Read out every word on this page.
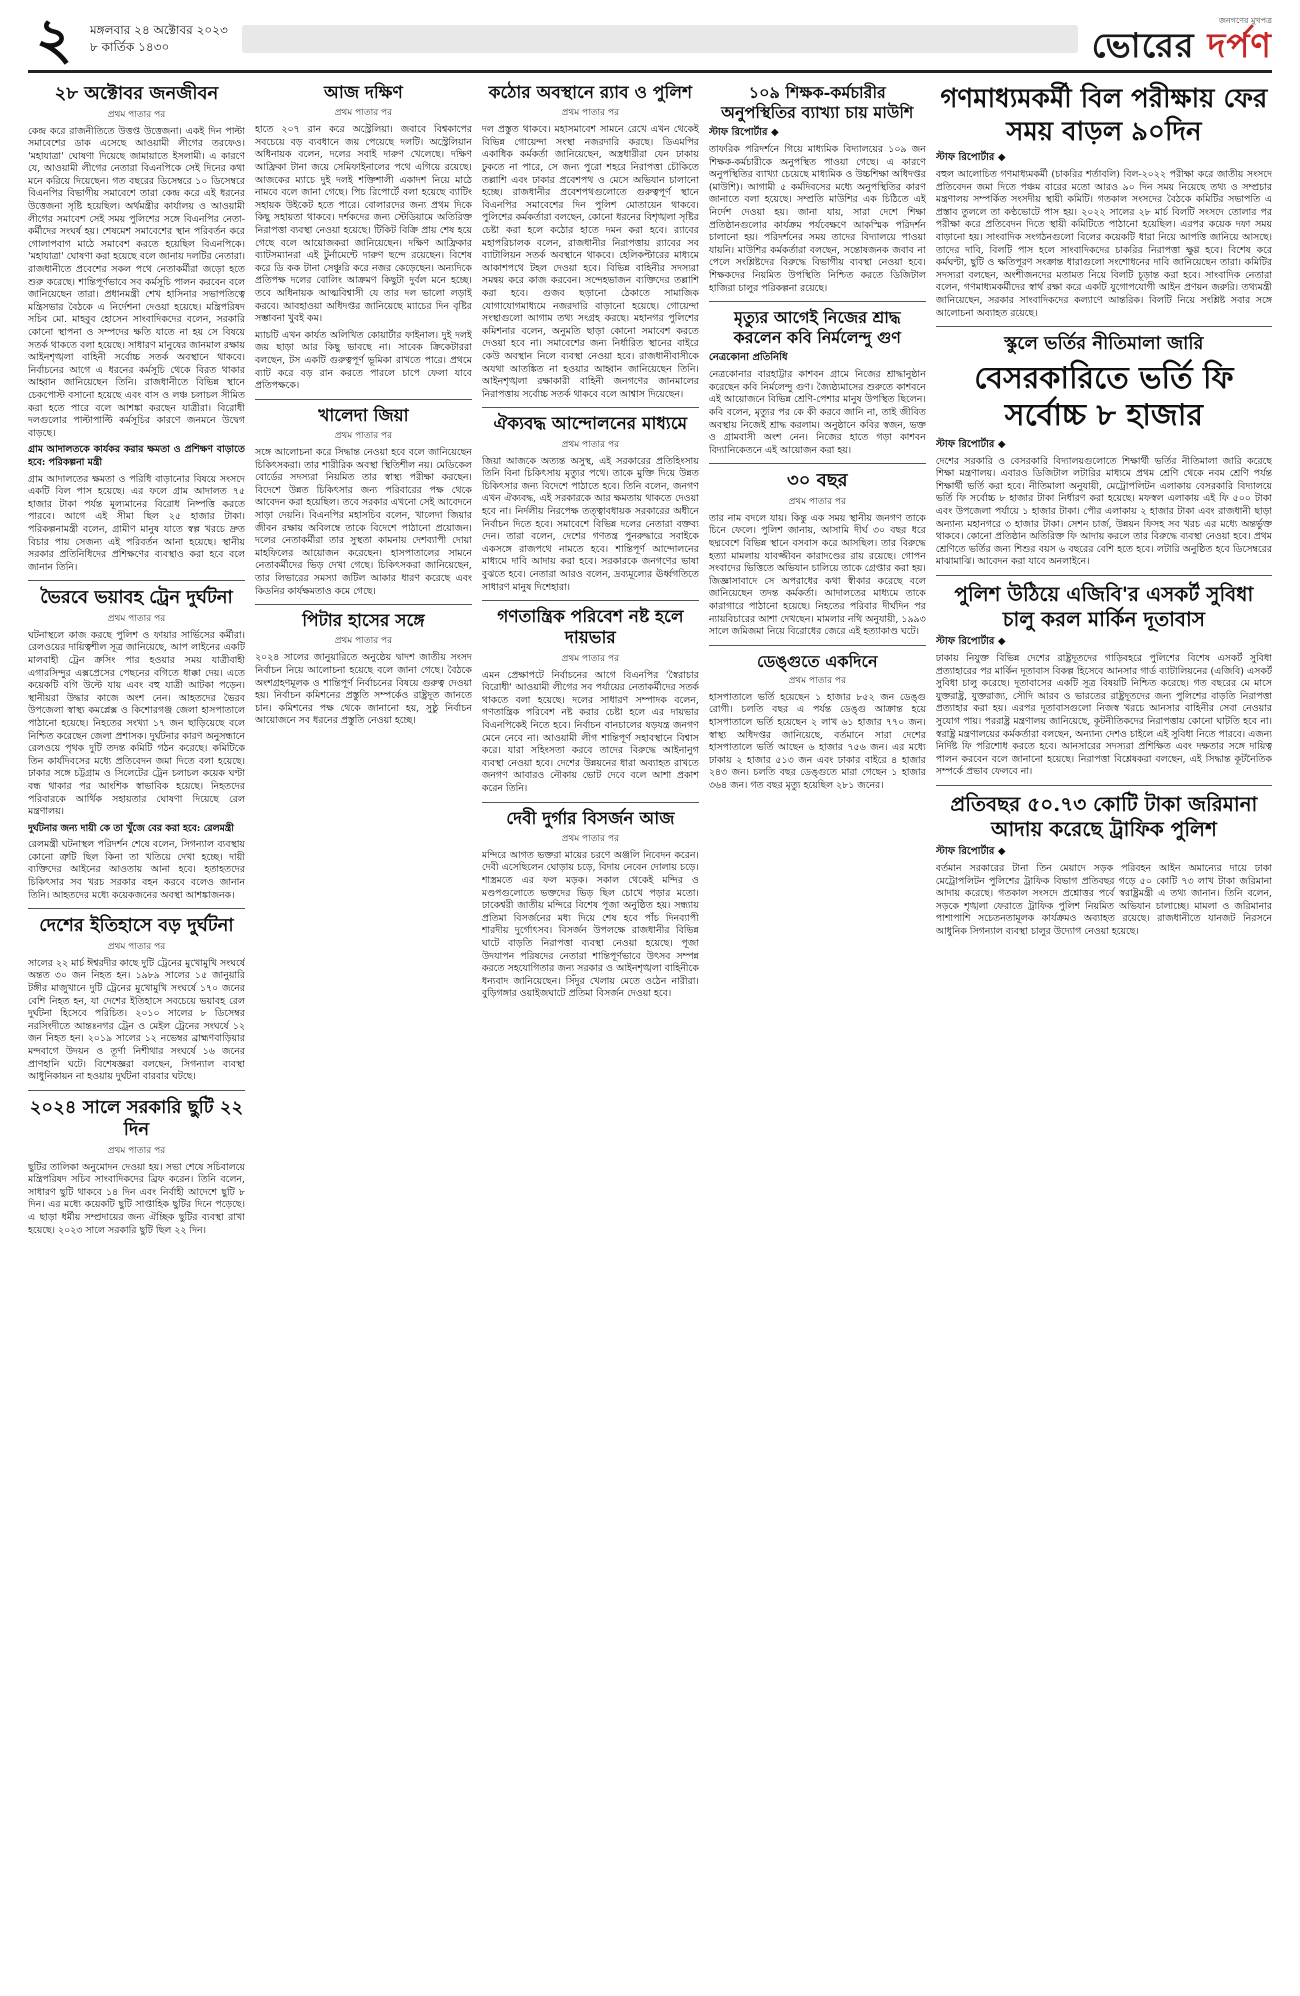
২	মঙ্গলবার ২৪ অক্টোবর ২০২৩
৮ কার্তিক ১৪৩০
জনগণের মুখপত্র
ভোরের দর্পণ
২৮ অক্টোবর জনজীবন
প্রথম পাতার পর

কেন্দ্র করে রাজনীতিতে উত্তপ্ত উত্তেজনা। একই দিন পাল্টা সমাবেশের ডাক এসেছে আওয়ামী লীগের তরফেও। 'মহাযাত্রা' ঘোষণা দিয়েছে জামায়াতে ইসলামী। এ কারণে যে, আওয়ামী লীগের নেতারা বিএনপিকে সেই দিনের কথা মনে করিয়ে দিয়েছেন। গত বছরের ডিসেম্বরে ১০ ডিসেম্বরে বিএনপির বিভাগীয় সমাবেশে তারা কেন্দ্র করে এই ধরনের উত্তেজনা সৃষ্টি হয়েছিল। অর্থমন্ত্রীর কার্যালয় ও আওয়ামী লীগের সমাবেশ সেই সময় পুলিশের সঙ্গে বিএনপির নেতা-কর্মীদের সংঘর্ষ হয়। শেষমেশ সমাবেশের স্থান পরিবর্তন করে গোলাপবাগ মাঠে সমাবেশ করতে হয়েছিল বিএনপিকে। 'মহাযাত্রা' ঘোষণা করা হয়েছে বলে জানায় দলটির নেতারা। রাজধানীতে প্রবেশের সকল পথে নেতাকর্মীরা জড়ো হতে শুরু করেছে। শান্তিপূর্ণভাবে সব কর্মসূচি পালন করবেন বলে জানিয়েছেন তারা। প্রধানমন্ত্রী শেখ হাসিনার সভাপতিত্বে মন্ত্রিসভার বৈঠকে এ নির্দেশনা দেওয়া হয়েছে। মন্ত্রিপরিষদ সচিব মো. মাহবুব হোসেন সাংবাদিকদের বলেন, সরকারি কোনো স্থাপনা ও সম্পদের ক্ষতি যাতে না হয় সে বিষয়ে সতর্ক থাকতে বলা হয়েছে। সাধারণ মানুষের জানমাল রক্ষায় আইনশৃঙ্খলা বাহিনী সর্বোচ্চ সতর্ক অবস্থানে থাকবে। নির্বাচনের আগে এ ধরনের কর্মসূচি থেকে বিরত থাকার আহ্বান জানিয়েছেন তিনি। রাজধানীতে বিভিন্ন স্থানে চেকপোস্ট বসানো হয়েছে এবং বাস ও লঞ্চ চলাচল সীমিত করা হতে পারে বলে আশঙ্কা করছেন যাত্রীরা। বিরোধী দলগুলোর পাল্টাপাল্টি কর্মসূচির কারণে জনমনে উদ্বেগ বাড়ছে।

গ্রাম আদালতকে কার্যকর করার ক্ষমতা ও প্রশিক্ষণ বাড়াতে হবে: পরিকল্পনা মন্ত্রী

গ্রাম আদালতের ক্ষমতা ও পরিধি বাড়ানোর বিষয়ে সংসদে একটি বিল পাস হয়েছে। এর ফলে গ্রাম আদালত ৭৫ হাজার টাকা পর্যন্ত মূল্যমানের বিরোধ নিষ্পত্তি করতে পারবে। আগে এই সীমা ছিল ২৫ হাজার টাকা। পরিকল্পনামন্ত্রী বলেন, গ্রামীণ মানুষ যাতে স্বল্প খরচে দ্রুত বিচার পায় সেজন্য এই পরিবর্তন আনা হয়েছে। স্থানীয় সরকার প্রতিনিধিদের প্রশিক্ষণের ব্যবস্থাও করা হবে বলে জানান তিনি।

ভৈরবে ভয়াবহ ট্রেন দুর্ঘটনা
প্রথম পাতার পর

ঘটনাস্থলে কাজ করছে পুলিশ ও ফায়ার সার্ভিসের কর্মীরা। রেলওয়ের দায়িত্বশীল সূত্র জানিয়েছে, আপ লাইনের একটি মালবাহী ট্রেন ক্রসিং পার হওয়ার সময় যাত্রীবাহী এগারসিন্দুর এক্সপ্রেসের পেছনের বগিতে ধাক্কা দেয়। এতে কয়েকটি বগি উল্টে যায় এবং বহু যাত্রী আটকা পড়েন। স্থানীয়রা উদ্ধার কাজে অংশ নেন। আহতদের ভৈরব উপজেলা স্বাস্থ্য কমপ্লেক্স ও কিশোরগঞ্জ জেলা হাসপাতালে পাঠানো হয়েছে। নিহতের সংখ্যা ১৭ জন ছাড়িয়েছে বলে নিশ্চিত করেছেন জেলা প্রশাসক। দুর্ঘটনার কারণ অনুসন্ধানে রেলওয়ে পৃথক দুটি তদন্ত কমিটি গঠন করেছে। কমিটিকে তিন কার্যদিবসের মধ্যে প্রতিবেদন জমা দিতে বলা হয়েছে। ঢাকার সঙ্গে চট্টগ্রাম ও সিলেটের ট্রেন চলাচল কয়েক ঘণ্টা বন্ধ থাকার পর আংশিক স্বাভাবিক হয়েছে। নিহতদের পরিবারকে আর্থিক সহায়তার ঘোষণা দিয়েছে রেল মন্ত্রণালয়।

দুর্ঘটনার জন্য দায়ী কে তা খুঁজে বের করা হবে: রেলমন্ত্রী

রেলমন্ত্রী ঘটনাস্থল পরিদর্শন শেষে বলেন, সিগন্যাল ব্যবস্থায় কোনো ত্রুটি ছিল কিনা তা খতিয়ে দেখা হচ্ছে। দায়ী ব্যক্তিদের আইনের আওতায় আনা হবে। হতাহতদের চিকিৎসার সব খরচ সরকার বহন করবে বলেও জানান তিনি। আহতদের মধ্যে কয়েকজনের অবস্থা আশঙ্কাজনক।

দেশের ইতিহাসে বড় দুর্ঘটনা
প্রথম পাতার পর

সালের ২২ মার্চ ঈশ্বরদীর কাছে দুটি ট্রেনের মুখোমুখি সংঘর্ষে অন্তত ৩০ জন নিহত হন। ১৯৮৯ সালের ১৫ জানুয়ারি টঙ্গীর মাজুখানে দুটি ট্রেনের মুখোমুখি সংঘর্ষে ১৭০ জনের বেশি নিহত হন, যা দেশের ইতিহাসে সবচেয়ে ভয়াবহ রেল দুর্ঘটনা হিসেবে পরিচিত। ২০১০ সালের ৮ ডিসেম্বর নরসিংদীতে আন্তঃনগর ট্রেন ও মেইল ট্রেনের সংঘর্ষে ১২ জন নিহত হন। ২০১৯ সালের ১২ নভেম্বর ব্রাহ্মণবাড়িয়ার মন্দবাগে উদয়ন ও তূর্ণা নিশীথার সংঘর্ষে ১৬ জনের প্রাণহানি ঘটে। বিশেষজ্ঞরা বলছেন, সিগন্যাল ব্যবস্থা আধুনিকায়ন না হওয়ায় দুর্ঘটনা বারবার ঘটছে।

২০২৪ সালে সরকারি ছুটি ২২ দিন
প্রথম পাতার পর

ছুটির তালিকা অনুমোদন দেওয়া হয়। সভা শেষে সচিবালয়ে মন্ত্রিপরিষদ সচিব সাংবাদিকদের ব্রিফ করেন। তিনি বলেন, সাধারণ ছুটি থাকবে ১৪ দিন এবং নির্বাহী আদেশে ছুটি ৮ দিন। এর মধ্যে কয়েকটি ছুটি সাপ্তাহিক ছুটির দিনে পড়েছে। এ ছাড়া ধর্মীয় সম্প্রদায়ের জন্য ঐচ্ছিক ছুটির ব্যবস্থা রাখা হয়েছে। ২০২৩ সালে সরকারি ছুটি ছিল ২২ দিন।

আজ দক্ষিণ
প্রথম পাতার পর

হাতে ২০৭ রান করে অস্ট্রেলিয়া। জবাবে বিশ্বকাপের সবচেয়ে বড় ব্যবধানে জয় পেয়েছে দলটি। অস্ট্রেলিয়ান অধিনায়ক বলেন, দলের সবাই দারুণ খেলেছে। দক্ষিণ আফ্রিকা টানা জয়ে সেমিফাইনালের পথে এগিয়ে রয়েছে। আজকের ম্যাচে দুই দলই শক্তিশালী একাদশ নিয়ে মাঠে নামবে বলে জানা গেছে। পিচ রিপোর্টে বলা হয়েছে ব্যাটিং সহায়ক উইকেট হতে পারে। বোলারদের জন্য প্রথম দিকে কিছু সহায়তা থাকবে। দর্শকদের জন্য স্টেডিয়ামে অতিরিক্ত নিরাপত্তা ব্যবস্থা নেওয়া হয়েছে। টিকিট বিক্রি প্রায় শেষ হয়ে গেছে বলে আয়োজকরা জানিয়েছেন। দক্ষিণ আফ্রিকার ব্যাটসম্যানরা এই টুর্নামেন্টে দারুণ ছন্দে রয়েছেন। বিশেষ করে ডি কক টানা সেঞ্চুরি করে নজর কেড়েছেন। অন্যদিকে প্রতিপক্ষ দলের বোলিং আক্রমণ কিছুটা দুর্বল মনে হচ্ছে। তবে অধিনায়ক আত্মবিশ্বাসী যে তার দল ভালো লড়াই করবে। আবহাওয়া অধিদপ্তর জানিয়েছে ম্যাচের দিন বৃষ্টির সম্ভাবনা খুবই কম।

ম্যাচটি এখন কার্যত অলিখিত কোয়ার্টার ফাইনাল। দুই দলই জয় ছাড়া আর কিছু ভাবছে না। সাবেক ক্রিকেটাররা বলছেন, টস একটি গুরুত্বপূর্ণ ভূমিকা রাখতে পারে। প্রথমে ব্যাট করে বড় রান করতে পারলে চাপে ফেলা যাবে প্রতিপক্ষকে।

খালেদা জিয়া
প্রথম পাতার পর

সঙ্গে আলোচনা করে সিদ্ধান্ত নেওয়া হবে বলে জানিয়েছেন চিকিৎসকরা। তার শারীরিক অবস্থা স্থিতিশীল নয়। মেডিকেল বোর্ডের সদস্যরা নিয়মিত তার স্বাস্থ্য পরীক্ষা করছেন। বিদেশে উন্নত চিকিৎসার জন্য পরিবারের পক্ষ থেকে আবেদন করা হয়েছিল। তবে সরকার এখনো সেই আবেদনে সাড়া দেয়নি। বিএনপির মহাসচিব বলেন, খালেদা জিয়ার জীবন রক্ষায় অবিলম্বে তাকে বিদেশে পাঠানো প্রয়োজন। দলের নেতাকর্মীরা তার সুস্থতা কামনায় দেশব্যাপী দোয়া মাহফিলের আয়োজন করেছেন। হাসপাতালের সামনে নেতাকর্মীদের ভিড় দেখা গেছে। চিকিৎসকরা জানিয়েছেন, তার লিভারের সমস্যা জটিল আকার ধারণ করেছে এবং কিডনির কার্যক্ষমতাও কমে গেছে।

পিটার হাসের সঙ্গে
প্রথম পাতার পর

২০২৪ সালের জানুয়ারিতে অনুষ্ঠেয় দ্বাদশ জাতীয় সংসদ নির্বাচন নিয়ে আলোচনা হয়েছে বলে জানা গেছে। বৈঠকে অংশগ্রহণমূলক ও শান্তিপূর্ণ নির্বাচনের বিষয়ে গুরুত্ব দেওয়া হয়। নির্বাচন কমিশনের প্রস্তুতি সম্পর্কেও রাষ্ট্রদূত জানতে চান। কমিশনের পক্ষ থেকে জানানো হয়, সুষ্ঠু নির্বাচন আয়োজনে সব ধরনের প্রস্তুতি নেওয়া হচ্ছে।

কঠোর অবস্থানে র‍্যাব ও পুলিশ
প্রথম পাতার পর

দল প্রস্তুত থাকবে। মহাসমাবেশ সামনে রেখে এখন থেকেই বিভিন্ন গোয়েন্দা সংস্থা নজরদারি করছে। ডিএমপির একাধিক কর্মকর্তা জানিয়েছেন, অস্ত্রধারীরা যেন ঢাকায় ঢুকতে না পারে, সে জন্য পুরো শহরে নিরাপত্তা চৌকিতে তল্লাশি এবং ঢাকার প্রবেশপথ ও মেসে অভিযান চালানো হচ্ছে। রাজধানীর প্রবেশপথগুলোতে গুরুত্বপূর্ণ স্থানে বিএনপির সমাবেশের দিন পুলিশ মোতায়েন থাকবে। পুলিশের কর্মকর্তারা বলছেন, কোনো ধরনের বিশৃঙ্খলা সৃষ্টির চেষ্টা করা হলে কঠোর হাতে দমন করা হবে। র‍্যাবের মহাপরিচালক বলেন, রাজধানীর নিরাপত্তায় র‍্যাবের সব ব্যাটালিয়ন সতর্ক অবস্থানে থাকবে। হেলিকপ্টারের মাধ্যমে আকাশপথে টহল দেওয়া হবে। বিভিন্ন বাহিনীর সদস্যরা সমন্বয় করে কাজ করবেন। সন্দেহভাজন ব্যক্তিদের তল্লাশি করা হবে। গুজব ছড়ানো ঠেকাতে সামাজিক যোগাযোগমাধ্যমে নজরদারি বাড়ানো হয়েছে। গোয়েন্দা সংস্থাগুলো আগাম তথ্য সংগ্রহ করছে। মহানগর পুলিশের কমিশনার বলেন, অনুমতি ছাড়া কোনো সমাবেশ করতে দেওয়া হবে না। সমাবেশের জন্য নির্ধারিত স্থানের বাইরে কেউ অবস্থান নিলে ব্যবস্থা নেওয়া হবে। রাজধানীবাসীকে অযথা আতঙ্কিত না হওয়ার আহ্বান জানিয়েছেন তিনি। আইনশৃঙ্খলা রক্ষাকারী বাহিনী জনগণের জানমালের নিরাপত্তায় সর্বোচ্চ সতর্ক থাকবে বলে আশ্বাস দিয়েছেন।

ঐক্যবদ্ধ আন্দোলনের মাধ্যমে
প্রথম পাতার পর

জিয়া আজকে অত্যন্ত অসুস্থ, এই সরকারের প্রতিহিংসায় তিনি বিনা চিকিৎসায় মৃত্যুর পথে। তাকে মুক্তি দিয়ে উন্নত চিকিৎসার জন্য বিদেশে পাঠাতে হবে। তিনি বলেন, জনগণ এখন ঐক্যবদ্ধ, এই সরকারকে আর ক্ষমতায় থাকতে দেওয়া হবে না। নির্দলীয় নিরপেক্ষ তত্ত্বাবধায়ক সরকারের অধীনে নির্বাচন দিতে হবে। সমাবেশে বিভিন্ন দলের নেতারা বক্তব্য দেন। তারা বলেন, দেশের গণতন্ত্র পুনরুদ্ধারে সবাইকে একসঙ্গে রাজপথে নামতে হবে। শান্তিপূর্ণ আন্দোলনের মাধ্যমে দাবি আদায় করা হবে। সরকারকে জনগণের ভাষা বুঝতে হবে। নেতারা আরও বলেন, দ্রব্যমূল্যের ঊর্ধ্বগতিতে সাধারণ মানুষ দিশেহারা।

গণতান্ত্রিক পরিবেশ নষ্ট হলে দায়ভার
প্রথম পাতার পর

এমন প্রেক্ষাপটে নির্বাচনের আগে বিএনপির 'স্বৈরাচার বিরোধী' আওয়ামী লীগের সব পর্যায়ের নেতাকর্মীদের সতর্ক থাকতে বলা হয়েছে। দলের সাধারণ সম্পাদক বলেন, গণতান্ত্রিক পরিবেশ নষ্ট করার চেষ্টা হলে এর দায়ভার বিএনপিকেই নিতে হবে। নির্বাচন বানচালের ষড়যন্ত্র জনগণ মেনে নেবে না। আওয়ামী লীগ শান্তিপূর্ণ সহাবস্থানে বিশ্বাস করে। যারা সহিংসতা করবে তাদের বিরুদ্ধে আইনানুগ ব্যবস্থা নেওয়া হবে। দেশের উন্নয়নের ধারা অব্যাহত রাখতে জনগণ আবারও নৌকায় ভোট দেবে বলে আশা প্রকাশ করেন তিনি।

দেবী দুর্গার বিসর্জন আজ
প্রথম পাতার পর

মন্দিরে আগত ভক্তরা মায়ের চরণে অঞ্জলি নিবেদন করেন। দেবী এসেছিলেন ঘোড়ায় চড়ে, বিদায় নেবেন দোলায় চড়ে। শাস্ত্রমতে এর ফল মড়ক। সকাল থেকেই মন্দির ও মণ্ডপগুলোতে ভক্তদের ভিড় ছিল চোখে পড়ার মতো। ঢাকেশ্বরী জাতীয় মন্দিরে বিশেষ পূজা অনুষ্ঠিত হয়। সন্ধ্যায় প্রতিমা বিসর্জনের মধ্য দিয়ে শেষ হবে পাঁচ দিনব্যাপী শারদীয় দুর্গোৎসব। বিসর্জন উপলক্ষে রাজধানীর বিভিন্ন ঘাটে বাড়তি নিরাপত্তা ব্যবস্থা নেওয়া হয়েছে। পূজা উদযাপন পরিষদের নেতারা শান্তিপূর্ণভাবে উৎসব সম্পন্ন করতে সহযোগিতার জন্য সরকার ও আইনশৃঙ্খলা বাহিনীকে ধন্যবাদ জানিয়েছেন। সিঁদুর খেলায় মেতে ওঠেন নারীরা। বুড়িগঙ্গার ওয়াইজঘাটে প্রতিমা বিসর্জন দেওয়া হবে।

১০৯ শিক্ষক-কর্মচারীর অনুপস্থিতির ব্যাখ্যা চায় মাউশি
স্টাফ রিপোর্টার ◆

তাফরিক পরিদর্শনে গিয়ে মাধ্যমিক বিদ্যালয়ের ১০৯ জন শিক্ষক-কর্মচারীকে অনুপস্থিত পাওয়া গেছে। এ কারণে অনুপস্থিতির ব্যাখ্যা চেয়েছে মাধ্যমিক ও উচ্চশিক্ষা অধিদপ্তর (মাউশি)। আগামী ৫ কর্মদিবসের মধ্যে অনুপস্থিতির কারণ জানাতে বলা হয়েছে। সম্প্রতি মাউশির এক চিঠিতে এই নির্দেশ দেওয়া হয়। জানা যায়, সারা দেশে শিক্ষা প্রতিষ্ঠানগুলোর কার্যক্রম পর্যবেক্ষণে আকস্মিক পরিদর্শন চালানো হয়। পরিদর্শনের সময় তাদের বিদ্যালয়ে পাওয়া যায়নি। মাউশির কর্মকর্তারা বলছেন, সন্তোষজনক জবাব না পেলে সংশ্লিষ্টদের বিরুদ্ধে বিভাগীয় ব্যবস্থা নেওয়া হবে। শিক্ষকদের নিয়মিত উপস্থিতি নিশ্চিত করতে ডিজিটাল হাজিরা চালুর পরিকল্পনা রয়েছে।

মৃত্যুর আগেই নিজের শ্রাদ্ধ করলেন কবি নির্মলেন্দু গুণ
নেত্রকোনা প্রতিনিধি

নেত্রকোনার বারহাট্টার কাশবন গ্রামে নিজের শ্রাদ্ধানুষ্ঠান করেছেন কবি নির্মলেন্দু গুণ। জ্যৈষ্ঠ্যমাসের শুরুতে কাশবনে এই আয়োজনে বিভিন্ন শ্রেণি-পেশার মানুষ উপস্থিত ছিলেন। কবি বলেন, মৃত্যুর পর কে কী করবে জানি না, তাই জীবিত অবস্থায় নিজেই শ্রাদ্ধ করলাম। অনুষ্ঠানে কবির স্বজন, ভক্ত ও গ্রামবাসী অংশ নেন। নিজের হাতে গড়া কাশবন বিদ্যানিকেতনে এই আয়োজন করা হয়।

৩০ বছর
প্রথম পাতার পর

তার নাম বদলে যায়। কিন্তু এক সময় স্থানীয় জনগণ তাকে চিনে ফেলে। পুলিশ জানায়, আসামি দীর্ঘ ৩০ বছর ধরে ছদ্মবেশে বিভিন্ন স্থানে বসবাস করে আসছিল। তার বিরুদ্ধে হত্যা মামলায় যাবজ্জীবন কারাদণ্ডের রায় রয়েছে। গোপন সংবাদের ভিত্তিতে অভিযান চালিয়ে তাকে গ্রেপ্তার করা হয়। জিজ্ঞাসাবাদে সে অপরাধের কথা স্বীকার করেছে বলে জানিয়েছেন তদন্ত কর্মকর্তা। আদালতের মাধ্যমে তাকে কারাগারে পাঠানো হয়েছে। নিহতের পরিবার দীর্ঘদিন পর ন্যায়বিচারের আশা দেখছেন। মামলার নথি অনুযায়ী, ১৯৯৩ সালে জমিজমা নিয়ে বিরোধের জেরে এই হত্যাকাণ্ড ঘটে।

ডেঙ্গুতে একদিনে
প্রথম পাতার পর

হাসপাতালে ভর্তি হয়েছেন ১ হাজার ৮৫২ জন ডেঙ্গু রোগী। চলতি বছর এ পর্যন্ত ডেঙ্গু আক্রান্ত হয়ে হাসপাতালে ভর্তি হয়েছেন ২ লাখ ৬১ হাজার ৭৭০ জন। স্বাস্থ্য অধিদপ্তর জানিয়েছে, বর্তমানে সারা দেশের হাসপাতালে ভর্তি আছেন ৬ হাজার ৭৫৬ জন। এর মধ্যে ঢাকায় ২ হাজার ৫১৩ জন এবং ঢাকার বাইরে ৪ হাজার ২৪৩ জন। চলতি বছর ডেঙ্গুতে মারা গেছেন ১ হাজার ৩৬৪ জন। গত বছর মৃত্যু হয়েছিল ২৮১ জনের।

গণমাধ্যমকর্মী বিল পরীক্ষায় ফের সময় বাড়ল ৯০দিন
স্টাফ রিপোর্টার ◆

বহুল আলোচিত গণমাধ্যমকর্মী (চাকরির শর্তাবলি) বিল-২০২২ পরীক্ষা করে জাতীয় সংসদে প্রতিবেদন জমা দিতে পঞ্চম বারের মতো আরও ৯০ দিন সময় নিয়েছে তথ্য ও সম্প্রচার মন্ত্রণালয় সম্পর্কিত সংসদীয় স্থায়ী কমিটি। গতকাল সংসদের বৈঠকে কমিটির সভাপতি এ প্রস্তাব তুললে তা কণ্ঠভোটে পাস হয়। ২০২২ সালের ২৮ মার্চ বিলটি সংসদে তোলার পর পরীক্ষা করে প্রতিবেদন দিতে স্থায়ী কমিটিতে পাঠানো হয়েছিল। এরপর কয়েক দফা সময় বাড়ানো হয়। সাংবাদিক সংগঠনগুলো বিলের কয়েকটি ধারা নিয়ে আপত্তি জানিয়ে আসছে। তাদের দাবি, বিলটি পাস হলে সাংবাদিকদের চাকরির নিরাপত্তা ক্ষুণ্ণ হবে। বিশেষ করে কর্মঘণ্টা, ছুটি ও ক্ষতিপূরণ সংক্রান্ত ধারাগুলো সংশোধনের দাবি জানিয়েছেন তারা। কমিটির সদস্যরা বলছেন, অংশীজনদের মতামত নিয়ে বিলটি চূড়ান্ত করা হবে। সাংবাদিক নেতারা বলেন, গণমাধ্যমকর্মীদের স্বার্থ রক্ষা করে একটি যুগোপযোগী আইন প্রণয়ন জরুরি। তথ্যমন্ত্রী জানিয়েছেন, সরকার সাংবাদিকদের কল্যাণে আন্তরিক। বিলটি নিয়ে সংশ্লিষ্ট সবার সঙ্গে আলোচনা অব্যাহত রয়েছে।

স্কুলে ভর্তির নীতিমালা জারি
বেসরকারিতে ভর্তি ফি সর্বোচ্চ ৮ হাজার
স্টাফ রিপোর্টার ◆

দেশের সরকারি ও বেসরকারি বিদ্যালয়গুলোতে শিক্ষার্থী ভর্তির নীতিমালা জারি করেছে শিক্ষা মন্ত্রণালয়। এবারও ডিজিটাল লটারির মাধ্যমে প্রথম শ্রেণি থেকে নবম শ্রেণি পর্যন্ত শিক্ষার্থী ভর্তি করা হবে। নীতিমালা অনুযায়ী, মেট্রোপলিটন এলাকায় বেসরকারি বিদ্যালয়ে ভর্তি ফি সর্বোচ্চ ৮ হাজার টাকা নির্ধারণ করা হয়েছে। মফস্বল এলাকায় এই ফি ৫০০ টাকা এবং উপজেলা পর্যায়ে ১ হাজার টাকা। পৌর এলাকায় ২ হাজার টাকা এবং রাজধানী ছাড়া অন্যান্য মহানগরে ৩ হাজার টাকা। সেশন চার্জ, উন্নয়ন ফিসহ সব খরচ এর মধ্যে অন্তর্ভুক্ত থাকবে। কোনো প্রতিষ্ঠান অতিরিক্ত ফি আদায় করলে তার বিরুদ্ধে ব্যবস্থা নেওয়া হবে। প্রথম শ্রেণিতে ভর্তির জন্য শিশুর বয়স ৬ বছরের বেশি হতে হবে। লটারি অনুষ্ঠিত হবে ডিসেম্বরের মাঝামাঝি। আবেদন করা যাবে অনলাইনে।

পুলিশ উঠিয়ে এজিবি'র এসকর্ট সুবিধা চালু করল মার্কিন দূতাবাস
স্টাফ রিপোর্টার ◆

ঢাকায় নিযুক্ত বিভিন্ন দেশের রাষ্ট্রদূতদের গাড়িবহরে পুলিশের বিশেষ এসকর্ট সুবিধা প্রত্যাহারের পর মার্কিন দূতাবাস বিকল্প হিসেবে আনসার গার্ড ব্যাটালিয়নের (এজিবি) এসকর্ট সুবিধা চালু করেছে। দূতাবাসের একটি সূত্র বিষয়টি নিশ্চিত করেছে। গত বছরের মে মাসে যুক্তরাষ্ট্র, যুক্তরাজ্য, সৌদি আরব ও ভারতের রাষ্ট্রদূতদের জন্য পুলিশের বাড়তি নিরাপত্তা প্রত্যাহার করা হয়। এরপর দূতাবাসগুলো নিজস্ব খরচে আনসার বাহিনীর সেবা নেওয়ার সুযোগ পায়। পররাষ্ট্র মন্ত্রণালয় জানিয়েছে, কূটনীতিকদের নিরাপত্তায় কোনো ঘাটতি হবে না। স্বরাষ্ট্র মন্ত্রণালয়ের কর্মকর্তারা বলছেন, অন্যান্য দেশও চাইলে এই সুবিধা নিতে পারবে। এজন্য নির্দিষ্ট ফি পরিশোধ করতে হবে। আনসারের সদস্যরা প্রশিক্ষিত এবং দক্ষতার সঙ্গে দায়িত্ব পালন করবেন বলে জানানো হয়েছে। নিরাপত্তা বিশ্লেষকরা বলছেন, এই সিদ্ধান্ত কূটনৈতিক সম্পর্কে প্রভাব ফেলবে না।

প্রতিবছর ৫০.৭৩ কোটি টাকা জরিমানা আদায় করেছে ট্রাফিক পুলিশ
স্টাফ রিপোর্টার ◆

বর্তমান সরকারের টানা তিন মেয়াদে সড়ক পরিবহন আইন অমান্যের দায়ে ঢাকা মেট্রোপলিটন পুলিশের ট্রাফিক বিভাগ প্রতিবছর গড়ে ৫০ কোটি ৭৩ লাখ টাকা জরিমানা আদায় করেছে। গতকাল সংসদে প্রশ্নোত্তর পর্বে স্বরাষ্ট্রমন্ত্রী এ তথ্য জানান। তিনি বলেন, সড়কে শৃঙ্খলা ফেরাতে ট্রাফিক পুলিশ নিয়মিত অভিযান চালাচ্ছে। মামলা ও জরিমানার পাশাপাশি সচেতনতামূলক কার্যক্রমও অব্যাহত রয়েছে। রাজধানীতে যানজট নিরসনে আধুনিক সিগন্যাল ব্যবস্থা চালুর উদ্যোগ নেওয়া হয়েছে।
